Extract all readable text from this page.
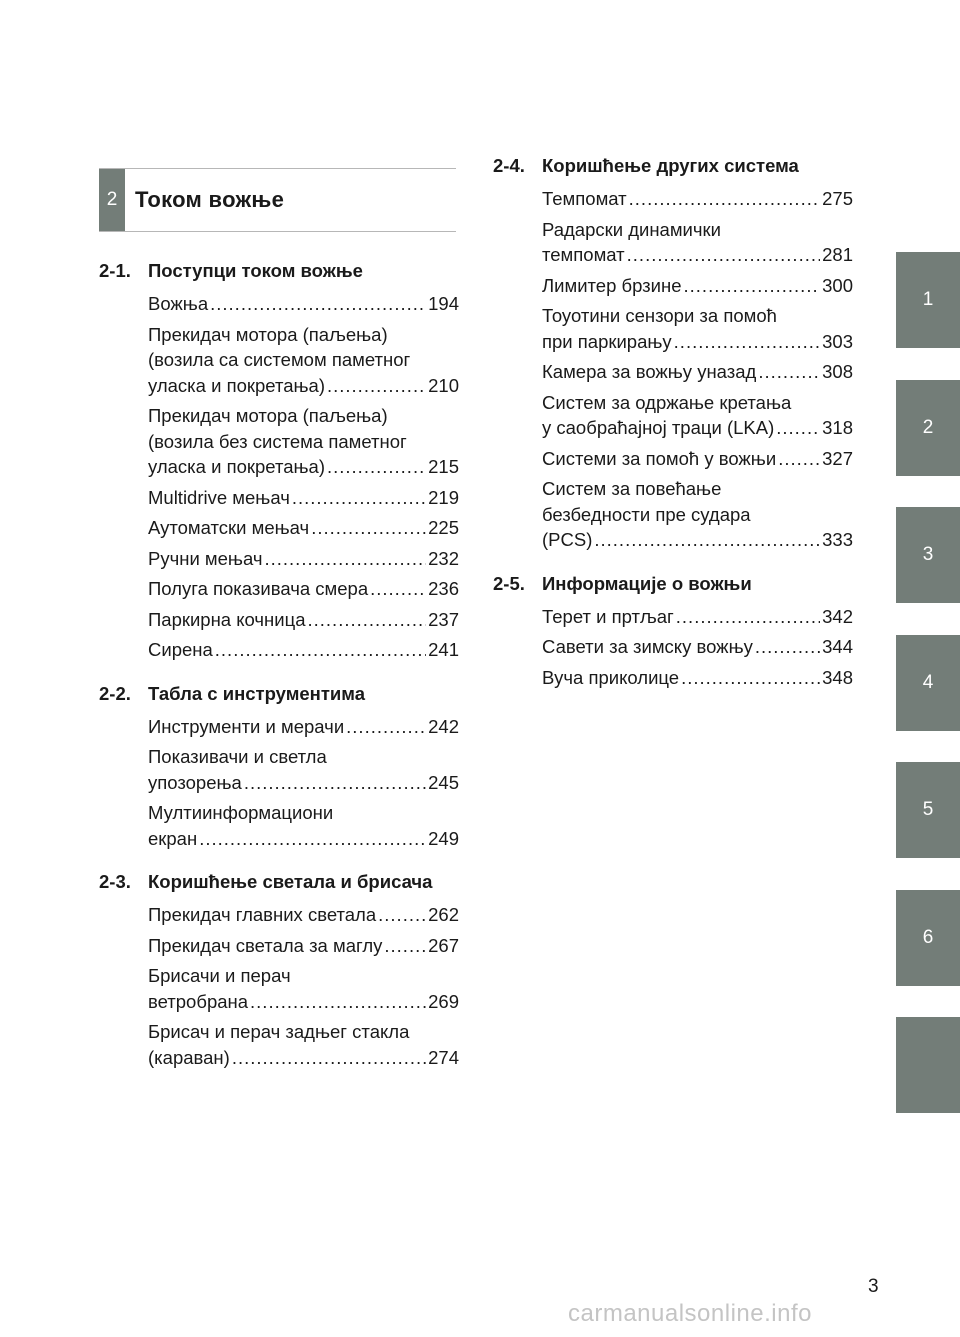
2 Током вожње
2-1. Поступци током вожње
Вожња .....	194
Прекидач мотора (паљења)
(возила са системом паметног
уласка и покретања) .....	210
Прекидач мотора (паљења)
(возила без система паметног
уласка и покретања) .....	215
Multidrive мењач .....	219
Аутоматски мењач .....	225
Ручни мењач .....	232
Полуга показивача смера .....	236
Паркирна кочница .....	237
Сирена .....	241
2-2. Табла с инструментима
Инструменти и мерачи .....	242
Показивачи и светла
упозорења .....	245
Мултиинформациони
екран .....	249
2-3. Коришћење светала и брисача
Прекидач главних светала .....	262
Прекидач светала за маглу ..... 267
Брисачи и перач
ветробрана .....	269
Брисач и перач задњег стакла
(караван) .....	274
2-4. Коришћење других система
Темпомат .....	275
Радарски динамички
темпомат .....	281
Лимитер брзине .....	300
Тоуотини сензори за помоћ
при паркирању .....	303
Камера за вожњу уназад .....	308
Систем за одржање кретања
у саобраћајној траци (LKA) .....	318
Системи за помоћ у вожњи ..... 327
Систем за повећање
безбедности пре судара
(PCS) .....	333
2-5. Информације о вожњи
Терет и пртљаг .....	342
Савети за зимску вожњу .....	344
Вуча приколице .....	348
1
2
3
4
5
6
3
carmanualsonline.info
